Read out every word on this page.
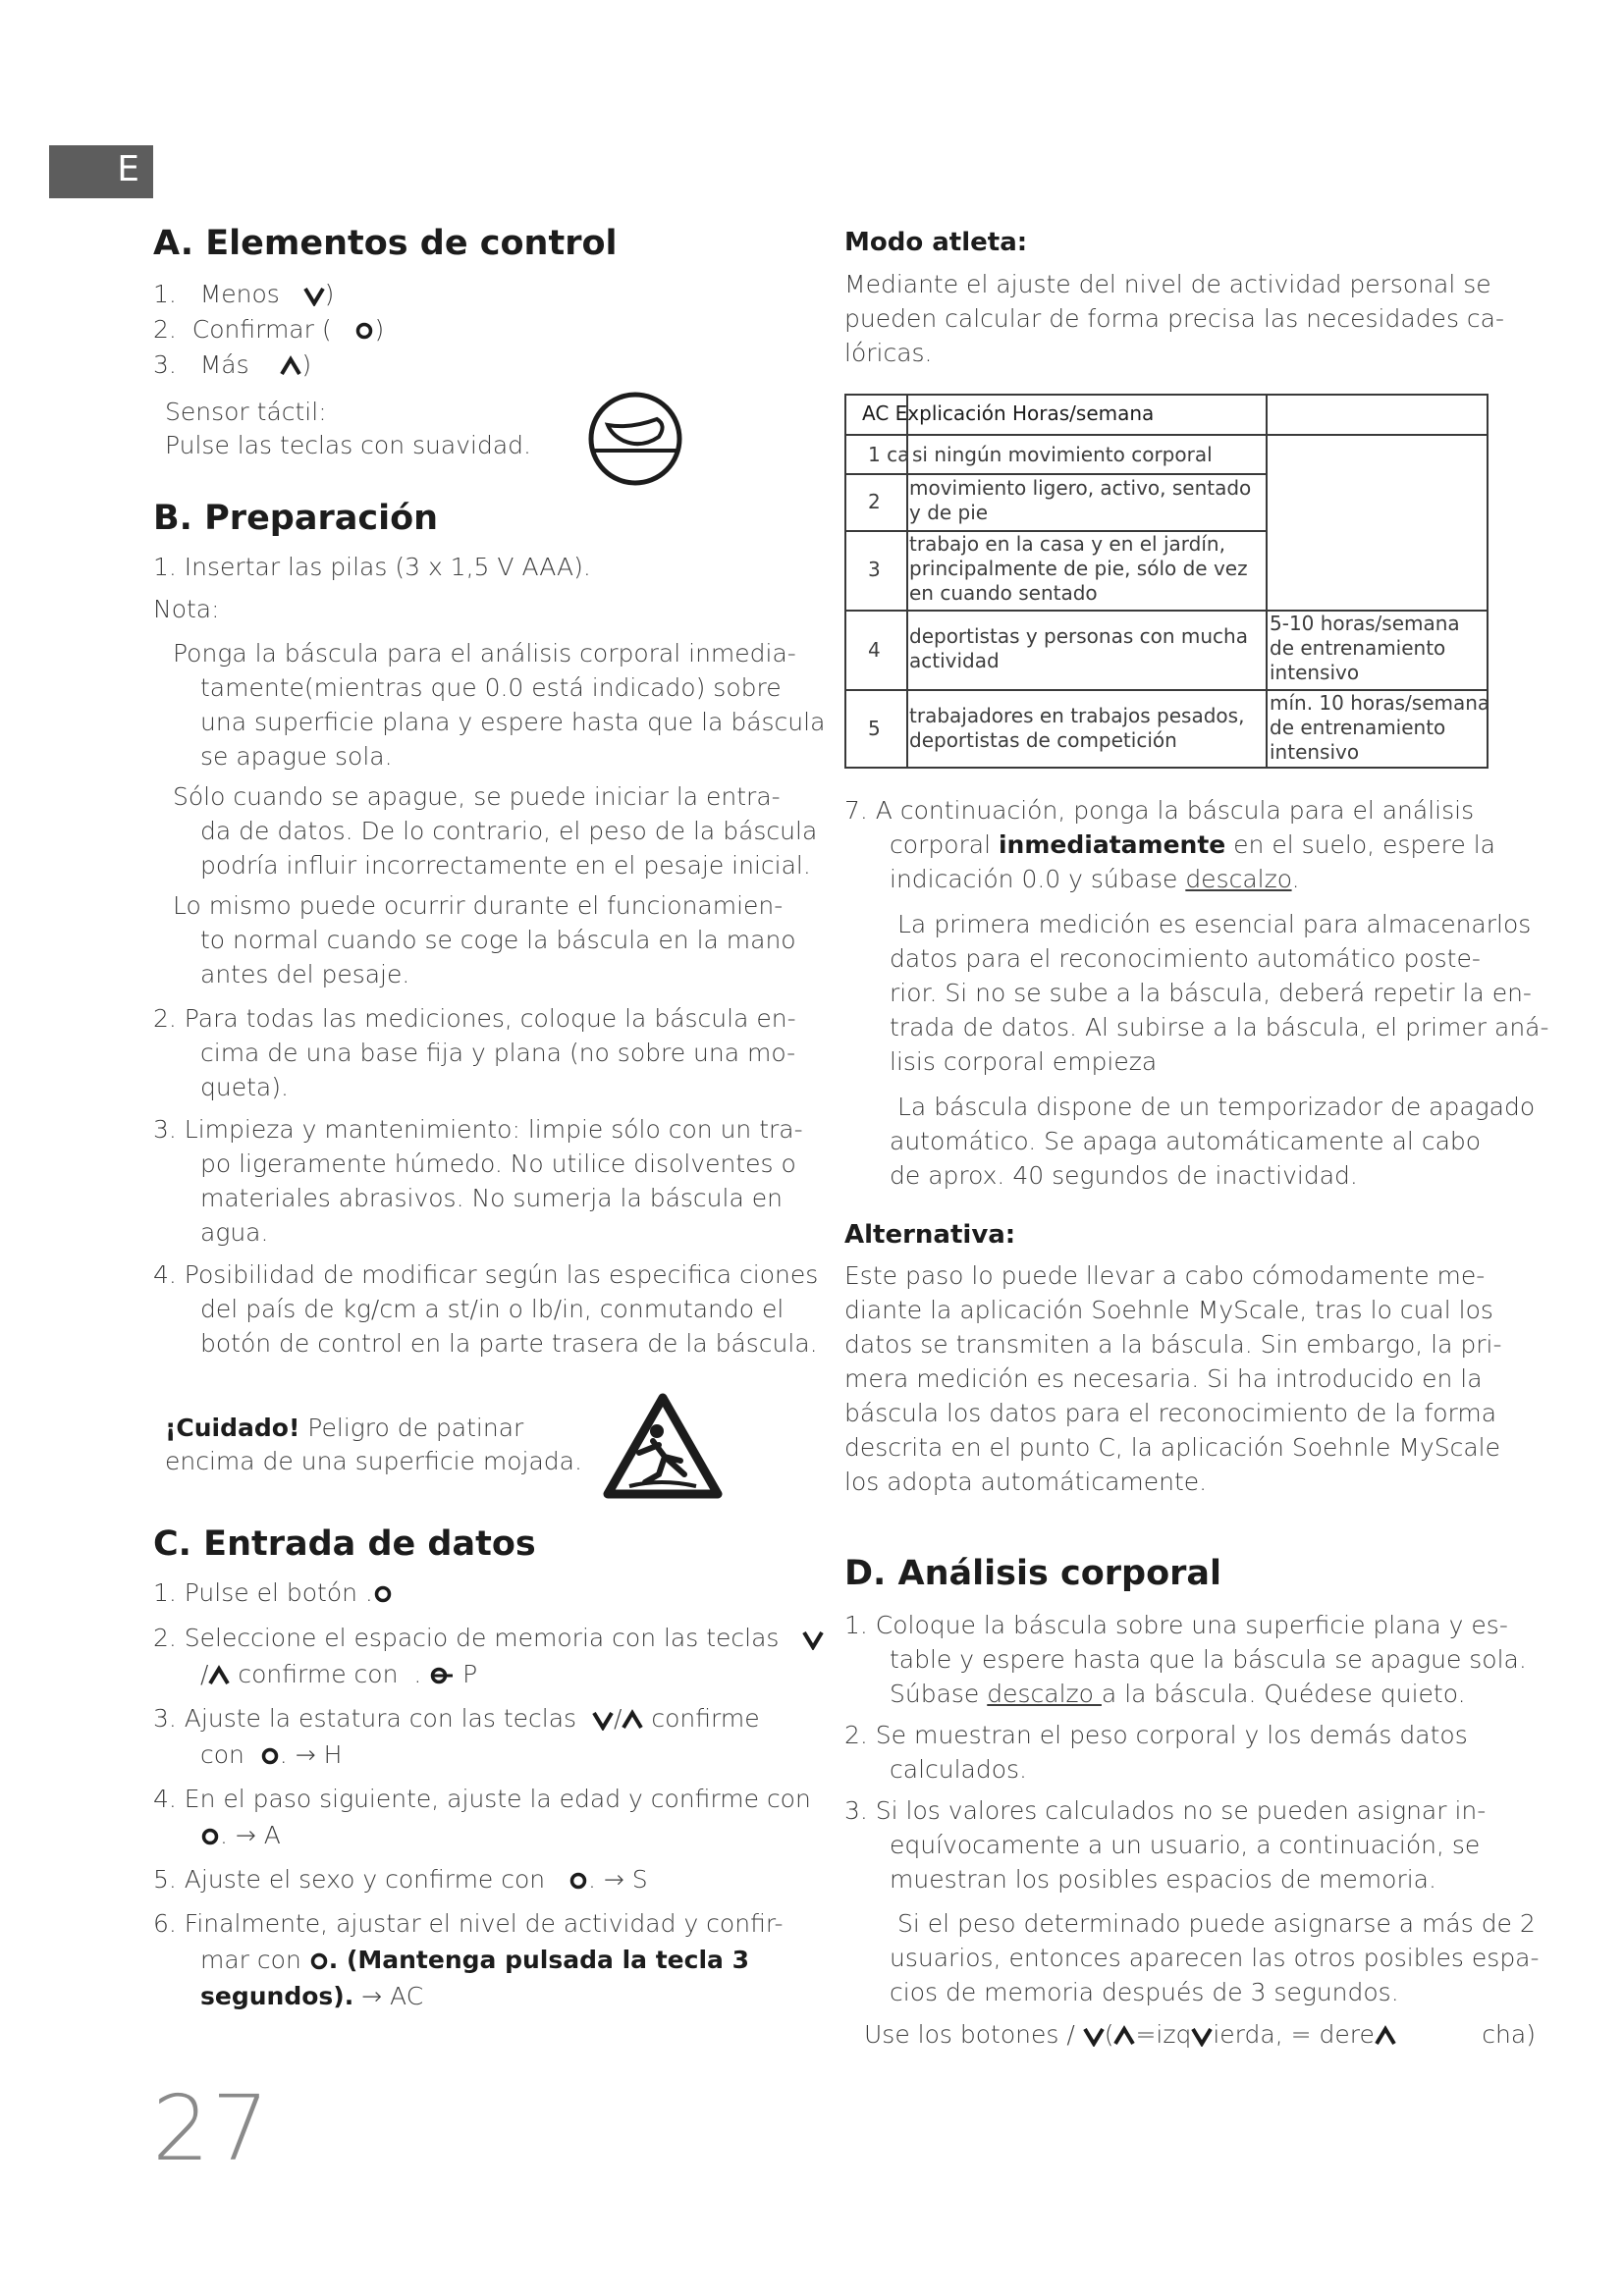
E
A. Elementos de control
1. Menos )
2. Confirmar ( )
3. Más )
Sensor táctil:
Pulse las teclas con suavidad.
B. Preparación
1. Insertar las pilas (3 x 1,5 V AAA).
Nota:
Ponga la báscula para el análisis corporal inmedia-
tamente(mientras que 0.0 está indicado) sobre
una superficie plana y espere hasta que la báscula
se apague sola.
Sólo cuando se apague, se puede iniciar la entra-
da de datos. De lo contrario, el peso de la báscula
podría influir incorrectamente en el pesaje inicial.
Lo mismo puede ocurrir durante el funcionamien-
to normal cuando se coge la báscula en la mano
antes del pesaje.
2. Para todas las mediciones, coloque la báscula en-
cima de una base fija y plana (no sobre una mo-
queta).
3. Limpieza y mantenimiento: limpie sólo con un tra-
po ligeramente húmedo. No utilice disolventes o
materiales abrasivos. No sumerja la báscula en
agua.
4. Posibilidad de modificar según las especifica ciones
del país de kg/cm a st/in o lb/in, conmutando el
botón de control en la parte trasera de la báscula.
¡Cuidado! Peligro de patinar
encima de una superficie mojada.
C. Entrada de datos
1. Pulse el botón .
2. Seleccione el espacio de memoria con las teclas
/ confirme con .  P
3. Ajuste la estatura con las teclas / confirme
con . → H
4. En el paso siguiente, ajuste la edad y confirme con
. → A
5. Ajuste el sexo y confirme con . → S
6. Finalmente, ajustar el nivel de actividad y confir-
mar con . (Mantenga pulsada la tecla 3
segundos). → AC
27
Modo atleta:
Mediante el ajuste del nivel de actividad personal se
pueden calcular de forma precisa las necesidades ca-
lóricas.
AC Explicación Horas/semana
1 ca si ningún movimiento corporal
2
movimiento ligero, activo, sentado
y de pie
3
trabajo en la casa y en el jardín,
principalmente de pie, sólo de vez
en cuando sentado
4
deportistas y personas con mucha
actividad
5-10 horas/semana
de entrenamiento
intensivo
5
trabajadores en trabajos pesados,
deportistas de competición
mín. 10 horas/semana
de entrenamiento
intensivo
7. A continuación, ponga la báscula para el análisis
corporal inmediatamente en el suelo, espere la
indicación 0.0 y súbase descalzo.
La primera medición es esencial para almacenarlos
datos para el reconocimiento automático poste-
rior. Si no se sube a la báscula, deberá repetir la en-
trada de datos. Al subirse a la báscula, el primer aná-
lisis corporal empieza
La báscula dispone de un temporizador de apagado
automático. Se apaga automáticamente al cabo
de aprox. 40 segundos de inactividad.
Alternativa:
Este paso lo puede llevar a cabo cómodamente me-
diante la aplicación Soehnle MyScale, tras lo cual los
datos se transmiten a la báscula. Sin embargo, la pri-
mera medición es necesaria. Si ha introducido en la
báscula los datos para el reconocimiento de la forma
descrita en el punto C, la aplicación Soehnle MyScale
los adopta automáticamente.
D. Análisis corporal
1. Coloque la báscula sobre una superficie plana y es-
table y espere hasta que la báscula se apague sola.
Súbase descalzo a la báscula. Quédese quieto.
2. Se muestran el peso corporal y los demás datos
calculados.
3. Si los valores calculados no se pueden asignar in-
equívocamente a un usuario, a continuación, se
muestran los posibles espacios de memoria.
Si el peso determinado puede asignarse a más de 2
usuarios, entonces aparecen las otros posibles espa-
cios de memoria después de 3 segundos.
Use los botones / ( =izq ierda, = dere	cha)
